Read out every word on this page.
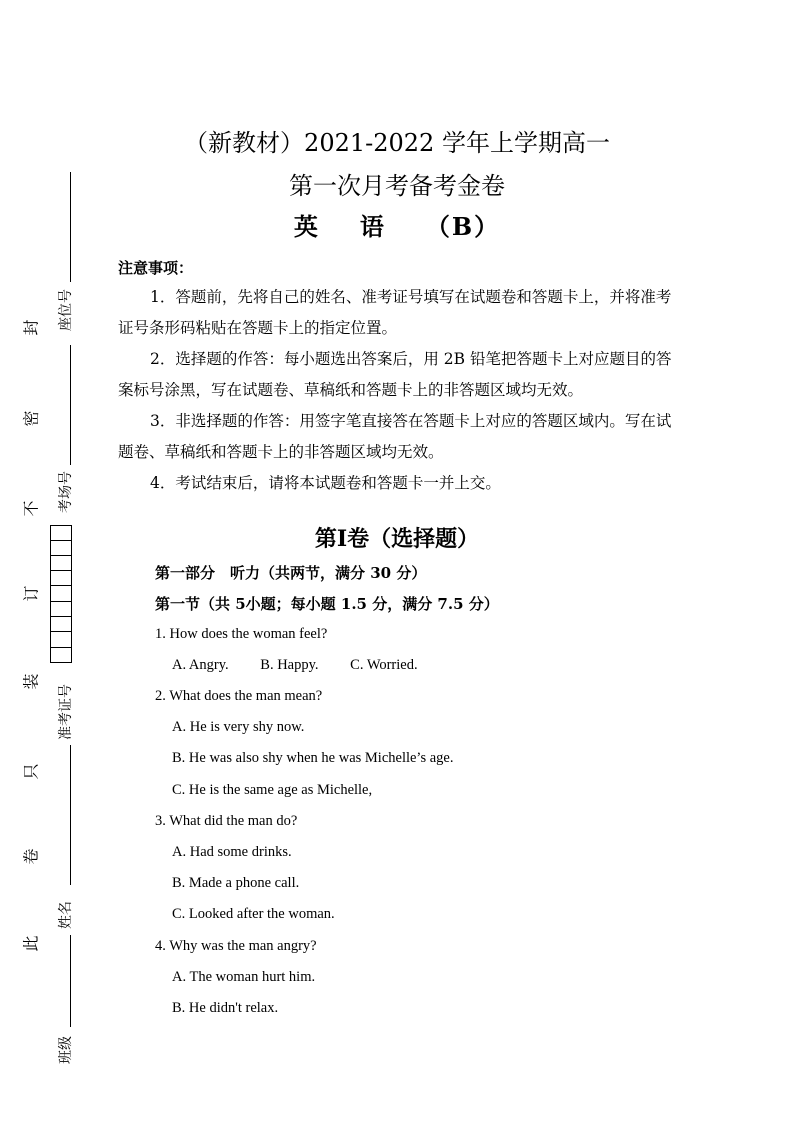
封
密
不
订
装
只
卷
此
座位号
考场号
准考证号
姓名
班级
（新教材）2021-2022 学年上学期高一
第一次月考备考金卷
英 语 （B）
注意事项：
1．答题前，先将自己的姓名、准考证号填写在试题卷和答题卡上，并将准考证号条形码粘贴在答题卡上的指定位置。
2．选择题的作答：每小题选出答案后，用 2B 铅笔把答题卡上对应题目的答案标号涂黑，写在试题卷、草稿纸和答题卡上的非答题区域均无效。
3．非选择题的作答：用签字笔直接答在答题卡上对应的答题区域内。写在试题卷、草稿纸和答题卡上的非答题区域均无效。
4．考试结束后，请将本试题卷和答题卡一并上交。
第Ⅰ卷（选择题）
第一部分　听力（共两节，满分 30 分）
第一节（共 5小题；每小题 1.5 分，满分 7.5 分）
1. How does the woman feel?
A. Angry. B. Happy. C. Worried.
2. What does the man mean?
A. He is very shy now.
B. He was also shy when he was Michelle’s age.
C. He is the same age as Michelle,
3. What did the man do?
A. Had some drinks.
B. Made a phone call.
C. Looked after the woman.
4. Why was the man angry?
A. The woman hurt him.
B. He didn't relax.
